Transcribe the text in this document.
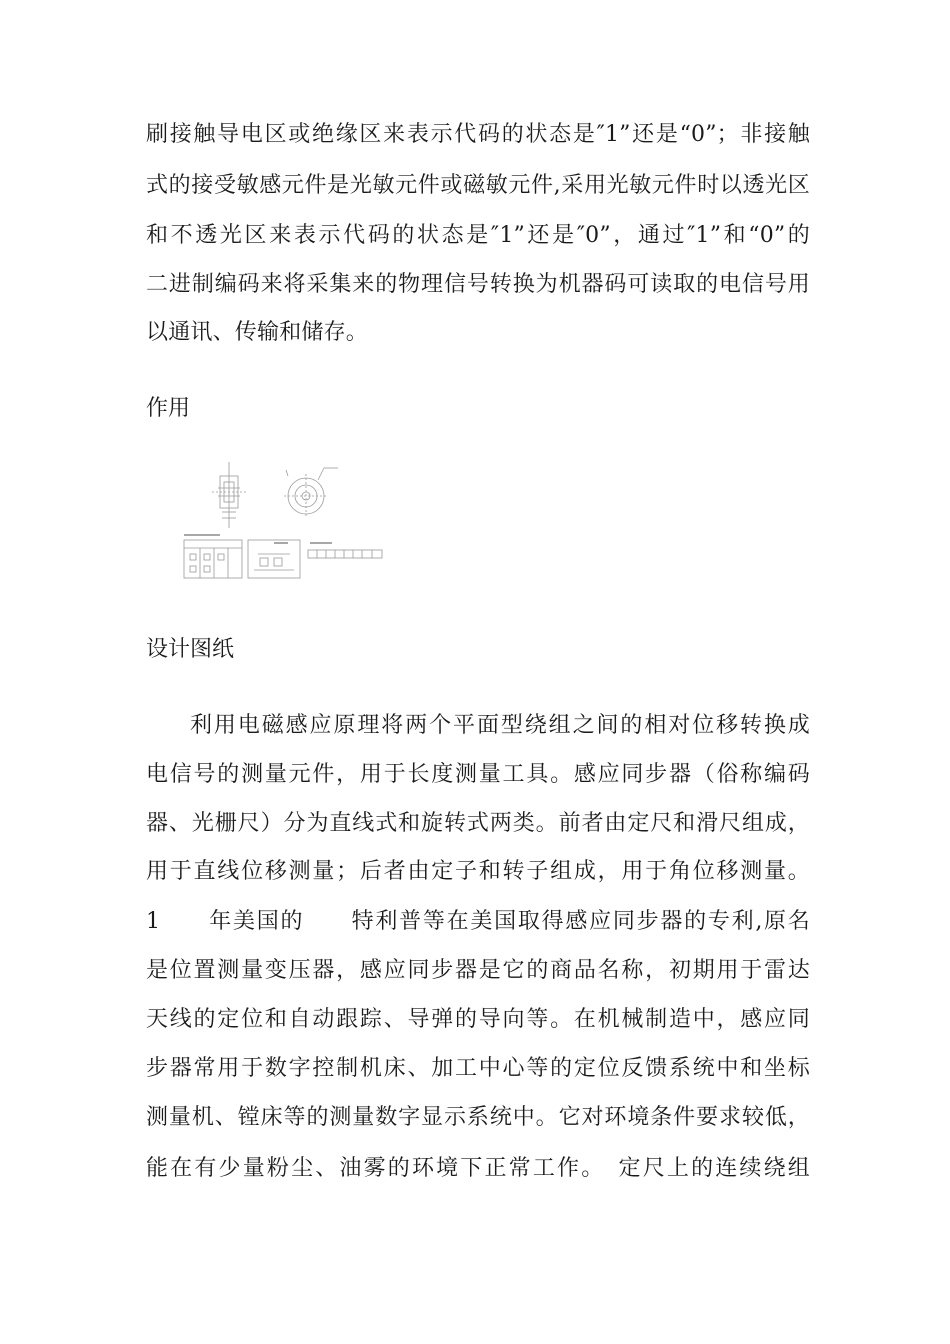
刷接触导电区或绝缘区来表示代码的状态是″1”还是“0”；非接触
式的接受敏感元件是光敏元件或磁敏元件,采用光敏元件时以透光区
和不透光区来表示代码的状态是″1”还是″0”，通过″1”和“0”的
二进制编码来将采集来的物理信号转换为机器码可读取的电信号用
以通讯、传输和储存。
作用
设计图纸
利用电磁感应原理将两个平面型绕组之间的相对位移转换成
电信号的测量元件，用于长度测量工具。感应同步器（俗称编码
器、光栅尺）分为直线式和旋转式两类。前者由定尺和滑尺组成，
用于直线位移测量；后者由定子和转子组成，用于角位移测量。
1　　年美国的　　特利普等在美国取得感应同步器的专利,原名
是位置测量变压器，感应同步器是它的商品名称，初期用于雷达
天线的定位和自动跟踪、导弹的导向等。在机械制造中，感应同
步器常用于数字控制机床、加工中心等的定位反馈系统中和坐标
测量机、镗床等的测量数字显示系统中。它对环境条件要求较低，
能在有少量粉尘、油雾的环境下正常工作。　定尺上的连续绕组
